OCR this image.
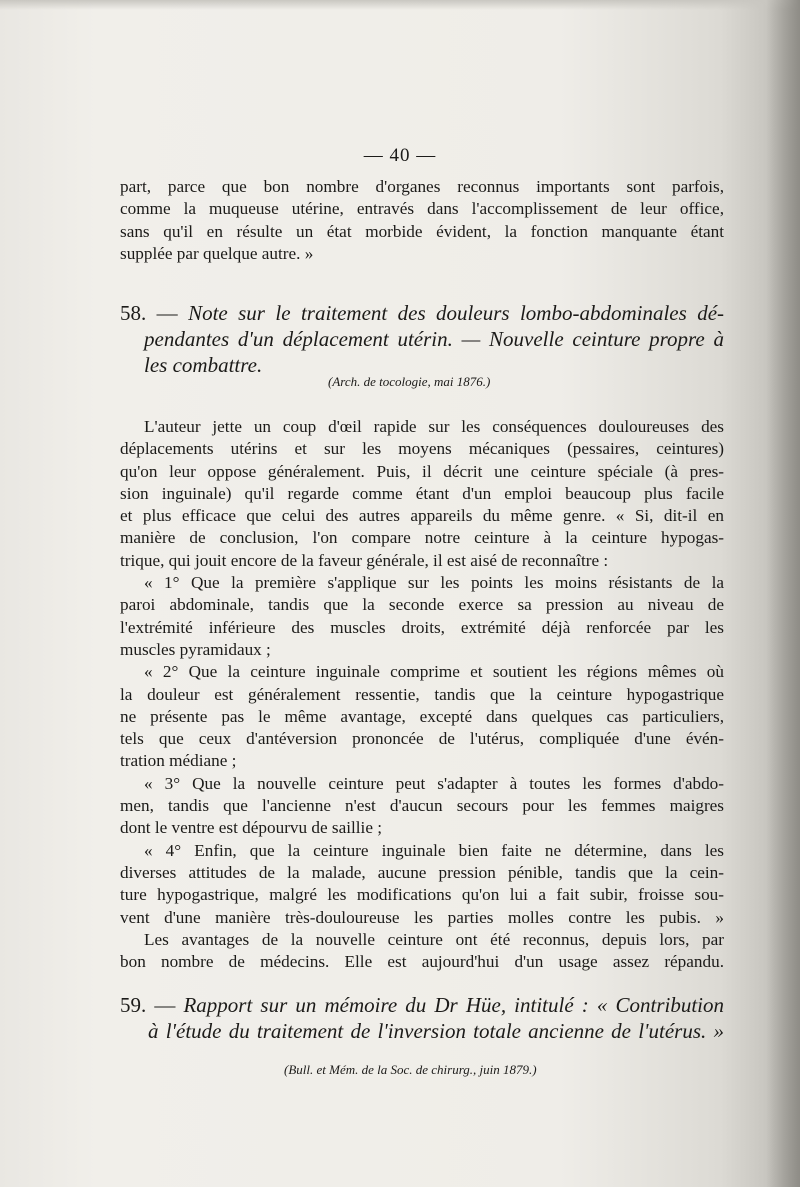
— 40 —
part, parce que bon nombre d'organes reconnus importants sont parfois,
comme la muqueuse utérine, entravés dans l'accomplissement de leur office,
sans qu'il en résulte un état morbide évident, la fonction manquante étant
supplée par quelque autre. »
58. — Note sur le traitement des douleurs lombo-abdominales dé-
pendantes d'un déplacement utérin. — Nouvelle ceinture propre à
les combattre.
(Arch. de tocologie, mai 1876.)
L'auteur jette un coup d'œil rapide sur les conséquences douloureuses des
déplacements utérins et sur les moyens mécaniques (pessaires, ceintures)
qu'on leur oppose généralement. Puis, il décrit une ceinture spéciale (à pres-
sion inguinale) qu'il regarde comme étant d'un emploi beaucoup plus facile
et plus efficace que celui des autres appareils du même genre. « Si, dit-il en
manière de conclusion, l'on compare notre ceinture à la ceinture hypogas-
trique, qui jouit encore de la faveur générale, il est aisé de reconnaître :
« 1° Que la première s'applique sur les points les moins résistants de la
paroi abdominale, tandis que la seconde exerce sa pression au niveau de
l'extrémité inférieure des muscles droits, extrémité déjà renforcée par les
muscles pyramidaux ;
« 2° Que la ceinture inguinale comprime et soutient les régions mêmes où
la douleur est généralement ressentie, tandis que la ceinture hypogastrique
ne présente pas le même avantage, excepté dans quelques cas particuliers,
tels que ceux d'antéversion prononcée de l'utérus, compliquée d'une évén-
tration médiane ;
« 3° Que la nouvelle ceinture peut s'adapter à toutes les formes d'abdo-
men, tandis que l'ancienne n'est d'aucun secours pour les femmes maigres
dont le ventre est dépourvu de saillie ;
« 4° Enfin, que la ceinture inguinale bien faite ne détermine, dans les
diverses attitudes de la malade, aucune pression pénible, tandis que la cein-
ture hypogastrique, malgré les modifications qu'on lui a fait subir, froisse sou-
vent d'une manière très-douloureuse les parties molles contre les pubis. »
Les avantages de la nouvelle ceinture ont été reconnus, depuis lors, par
bon nombre de médecins. Elle est aujourd'hui d'un usage assez répandu.
59. — Rapport sur un mémoire du Dr Hüe, intitulé : « Contribution
à l'étude du traitement de l'inversion totale ancienne de l'utérus. »
(Bull. et Mém. de la Soc. de chirurg., juin 1879.)
